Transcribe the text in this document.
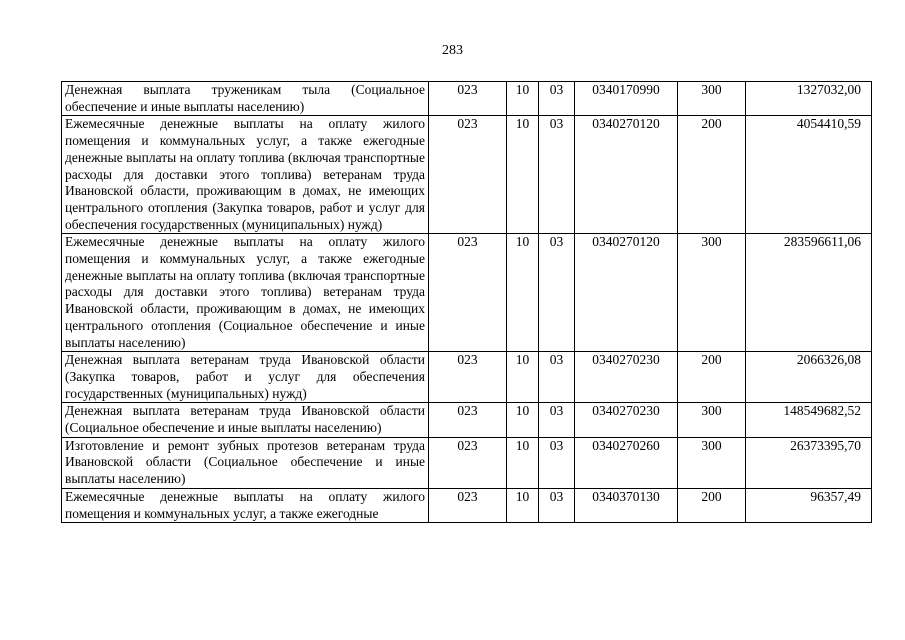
283
Денежная выплата труженикам тыла (Социальное обеспечение и иные выплаты населению)	023	10	03	0340170990	300	1327032,00
Ежемесячные денежные выплаты на оплату жилого помещения и коммунальных услуг, а также ежегодные денежные выплаты на оплату топлива (включая транспортные расходы для доставки этого топлива) ветеранам труда Ивановской области, проживающим в домах, не имеющих центрального отопления (Закупка товаров, работ и услуг для обеспечения государственных (муниципальных) нужд)	023	10	03	0340270120	200	4054410,59
Ежемесячные денежные выплаты на оплату жилого помещения и коммунальных услуг, а также ежегодные денежные выплаты на оплату топлива (включая транспортные расходы для доставки этого топлива) ветеранам труда Ивановской области, проживающим в домах, не имеющих центрального отопления (Социальное обеспечение и иные выплаты населению)	023	10	03	0340270120	300	283596611,06
Денежная выплата ветеранам труда Ивановской области (Закупка товаров, работ и услуг для обеспечения государственных (муниципальных) нужд)	023	10	03	0340270230	200	2066326,08
Денежная выплата ветеранам труда Ивановской области (Социальное обеспечение и иные выплаты населению)	023	10	03	0340270230	300	148549682,52
Изготовление и ремонт зубных протезов ветеранам труда Ивановской области (Социальное обеспечение и иные выплаты населению)	023	10	03	0340270260	300	26373395,70
Ежемесячные денежные выплаты на оплату жилого помещения и коммунальных услуг, а также ежегодные	023	10	03	0340370130	200	96357,49
